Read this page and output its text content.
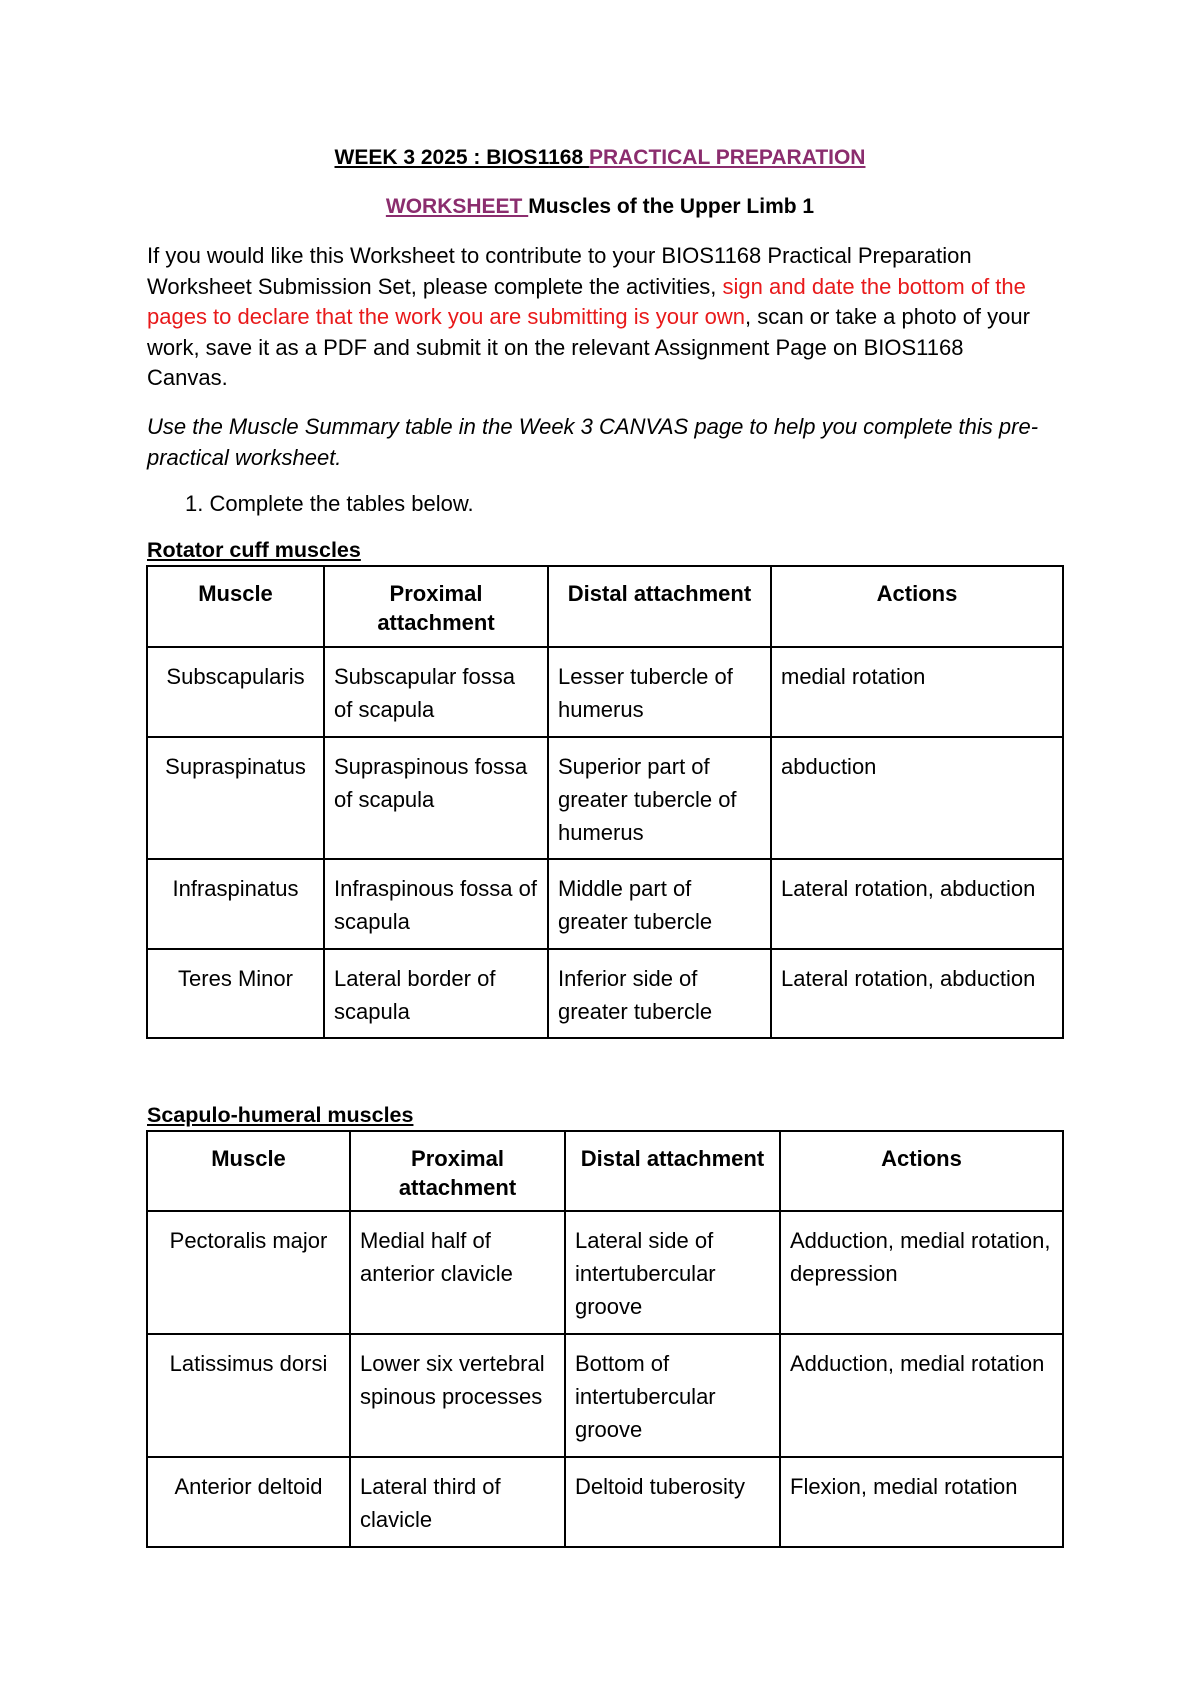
WEEK 3 2025 : BIOS1168 PRACTICAL PREPARATION
WORKSHEET Muscles of the Upper Limb 1
If you would like this Worksheet to contribute to your BIOS1168 Practical Preparation Worksheet Submission Set, please complete the activities, sign and date the bottom of the pages to declare that the work you are submitting is your own, scan or take a photo of your work, save it as a PDF and submit it on the relevant Assignment Page on BIOS1168 Canvas.
Use the Muscle Summary table in the Week 3 CANVAS page to help you complete this pre-practical worksheet.
1. Complete the tables below.
Rotator cuff muscles
Muscle	Proximal attachment	Distal attachment	Actions
Subscapularis	Subscapular fossa of scapula	Lesser tubercle of humerus	medial rotation
Supraspinatus	Supraspinous fossa of scapula	Superior part of greater tubercle of humerus	abduction
Infraspinatus	Infraspinous fossa of scapula	Middle part of greater tubercle	Lateral rotation, abduction
Teres Minor	Lateral border of scapula	Inferior side of greater tubercle	Lateral rotation, abduction
Scapulo-humeral muscles
Muscle	Proximal attachment	Distal attachment	Actions
Pectoralis major	Medial half of anterior clavicle	Lateral side of intertubercular groove	Adduction, medial rotation, depression
Latissimus dorsi	Lower six vertebral spinous processes	Bottom of intertubercular groove	Adduction, medial rotation
Anterior deltoid	Lateral third of clavicle	Deltoid tuberosity	Flexion, medial rotation
